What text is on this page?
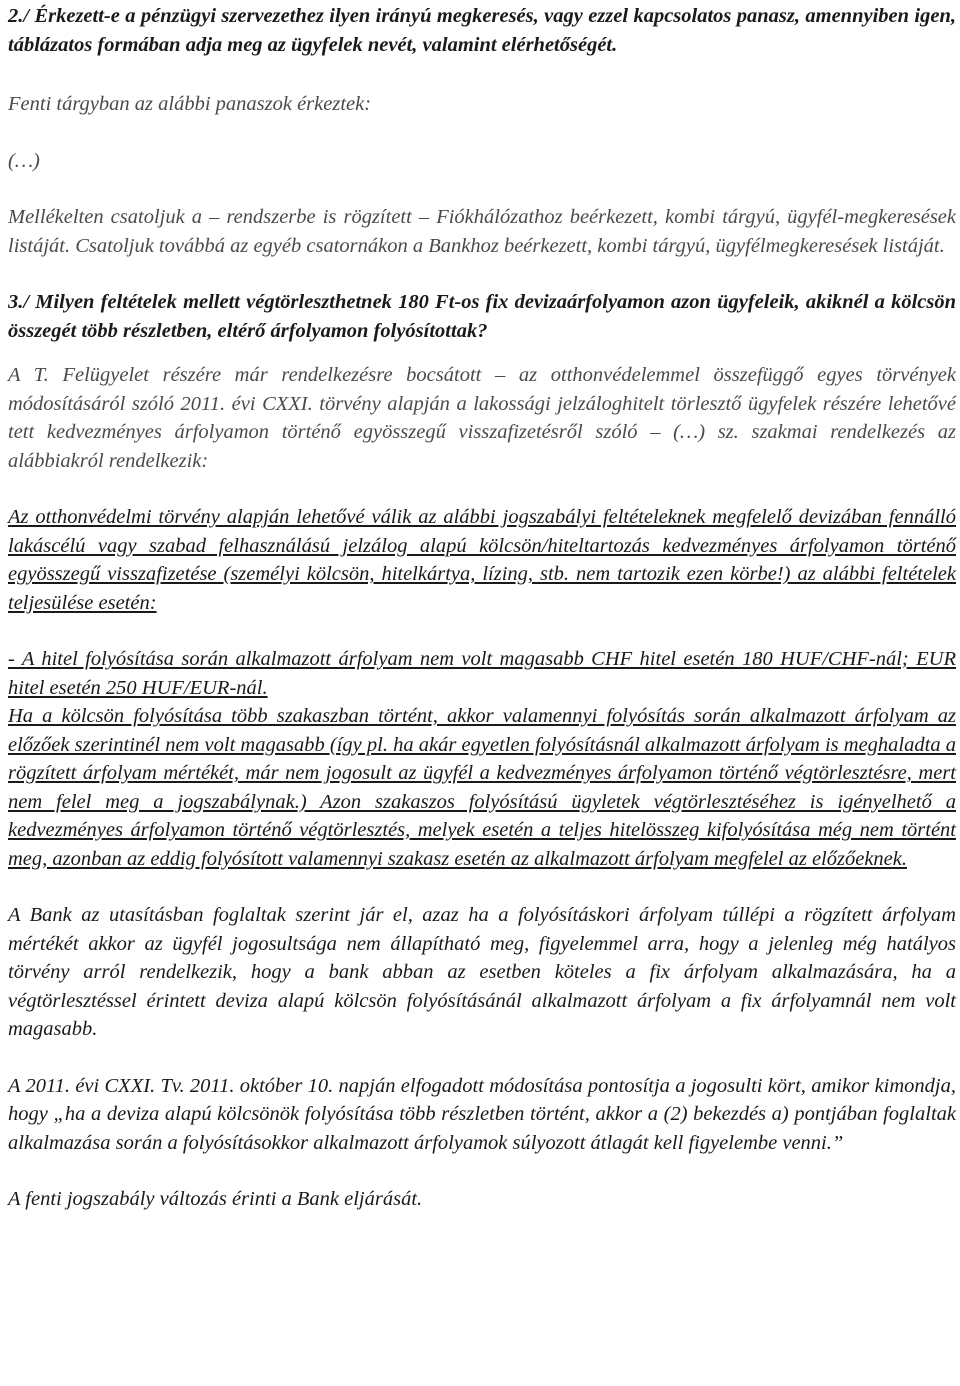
2./ Érkezett-e a pénzügyi szervezethez ilyen irányú megkeresés, vagy ezzel kapcsolatos panasz, amennyiben igen, táblázatos formában adja meg az ügyfelek nevét, valamint elérhetőségét.

Fenti tárgyban az alábbi panaszok érkeztek:

(…)

Mellékelten csatoljuk a – rendszerbe is rögzített – Fiókhálózathoz beérkezett, kombi tárgyú, ügyfél-megkeresések listáját. Csatoljuk továbbá az egyéb csatornákon a Bankhoz beérkezett, kombi tárgyú, ügyfélmegkeresések listáját.

3./ Milyen feltételek mellett végtörleszthetnek 180 Ft-os fix devizaárfolyamon azon ügyfeleik, akiknél a kölcsön összegét több részletben, eltérő árfolyamon folyósítottak?

A T. Felügyelet részére már rendelkezésre bocsátott – az otthonvédelemmel összefüggő egyes törvények módosításáról szóló 2011. évi CXXI. törvény alapján a lakossági jelzáloghitelt törlesztő ügyfelek részére lehetővé tett kedvezményes árfolyamon történő egyösszegű visszafizetésről szóló – (…) sz. szakmai rendelkezés az alábbiakról rendelkezik:

Az otthonvédelmi törvény alapján lehetővé válik az alábbi jogszabályi feltételeknek megfelelő devizában fennálló lakáscélú vagy szabad felhasználású jelzálog alapú kölcsön/hiteltartozás kedvezményes árfolyamon történő egyösszegű visszafizetése (személyi kölcsön, hitelkártya, lízing, stb. nem tartozik ezen körbe!) az alábbi feltételek teljesülése esetén:

- A hitel folyósítása során alkalmazott árfolyam nem volt magasabb CHF hitel esetén 180 HUF/CHF-nál; EUR hitel esetén 250 HUF/EUR-nál.

Ha a kölcsön folyósítása több szakaszban történt, akkor valamennyi folyósítás során alkalmazott árfolyam az előzőek szerintinél nem volt magasabb (így pl. ha akár egyetlen folyósításnál alkalmazott árfolyam is meghaladta a rögzített árfolyam mértékét, már nem jogosult az ügyfél a kedvezményes árfolyamon történő végtörlesztésre, mert nem felel meg a jogszabálynak.) Azon szakaszos folyósítású ügyletek végtörlesztéséhez is igényelhető a kedvezményes árfolyamon történő végtörlesztés, melyek esetén a teljes hitelösszeg kifolyósítása még nem történt meg, azonban az eddig folyósított valamennyi szakasz esetén az alkalmazott árfolyam megfelel az előzőeknek.

A Bank az utasításban foglaltak szerint jár el, azaz ha a folyósításkori árfolyam túllépi a rögzített árfolyam mértékét akkor az ügyfél jogosultsága nem állapítható meg, figyelemmel arra, hogy a jelenleg még hatályos törvény arról rendelkezik, hogy a bank abban az esetben köteles a fix árfolyam alkalmazására, ha a végtörlesztéssel érintett deviza alapú kölcsön folyósításánál alkalmazott árfolyam a fix árfolyamnál nem volt magasabb.

A 2011. évi CXXI. Tv. 2011. október 10. napján elfogadott módosítása pontosítja a jogosulti kört, amikor kimondja, hogy „ha a deviza alapú kölcsönök folyósítása több részletben történt, akkor a (2) bekezdés a) pontjában foglaltak alkalmazása során a folyósításokkor alkalmazott árfolyamok súlyozott átlagát kell figyelembe venni.”

A fenti jogszabály változás érinti a Bank eljárását.
